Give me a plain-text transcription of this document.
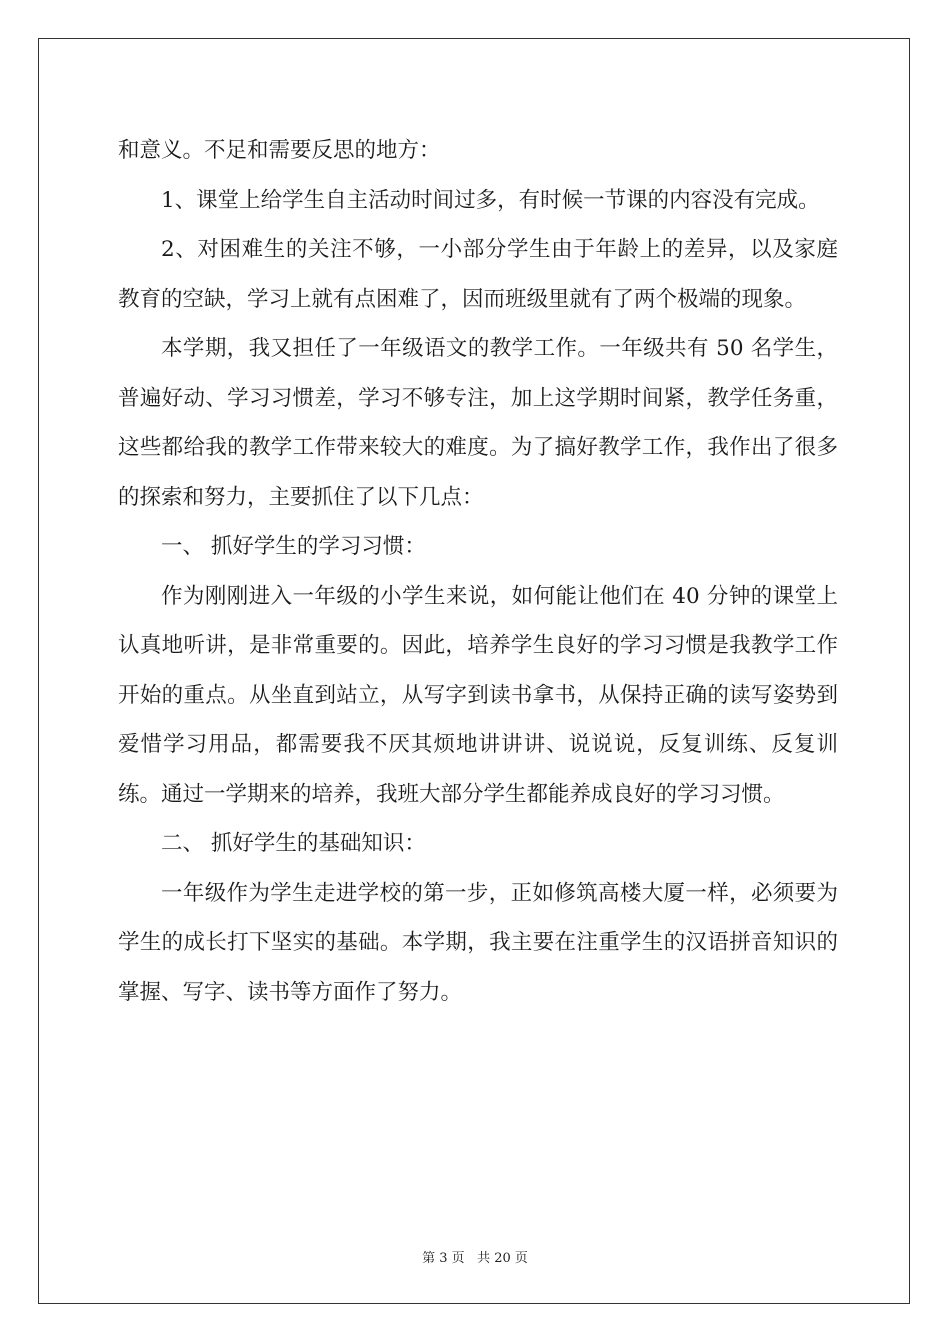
和意义。不足和需要反思的地方：

1、课堂上给学生自主活动时间过多，有时候一节课的内容没有完成。

2、对困难生的关注不够，一小部分学生由于年龄上的差异，以及家庭教育的空缺，学习上就有点困难了，因而班级里就有了两个极端的现象。

本学期，我又担任了一年级语文的教学工作。一年级共有 50 名学生，普遍好动、学习习惯差，学习不够专注，加上这学期时间紧，教学任务重，这些都给我的教学工作带来较大的难度。为了搞好教学工作，我作出了很多的探索和努力，主要抓住了以下几点：

一、 抓好学生的学习习惯：

作为刚刚进入一年级的小学生来说，如何能让他们在 40 分钟的课堂上认真地听讲，是非常重要的。因此，培养学生良好的学习习惯是我教学工作开始的重点。从坐直到站立，从写字到读书拿书，从保持正确的读写姿势到爱惜学习用品，都需要我不厌其烦地讲讲讲、说说说，反复训练、反复训练。通过一学期来的培养，我班大部分学生都能养成良好的学习习惯。

二、 抓好学生的基础知识：

一年级作为学生走进学校的第一步，正如修筑高楼大厦一样，必须要为学生的成长打下坚实的基础。本学期，我主要在注重学生的汉语拼音知识的掌握、写字、读书等方面作了努力。

第 3 页 共 20 页
